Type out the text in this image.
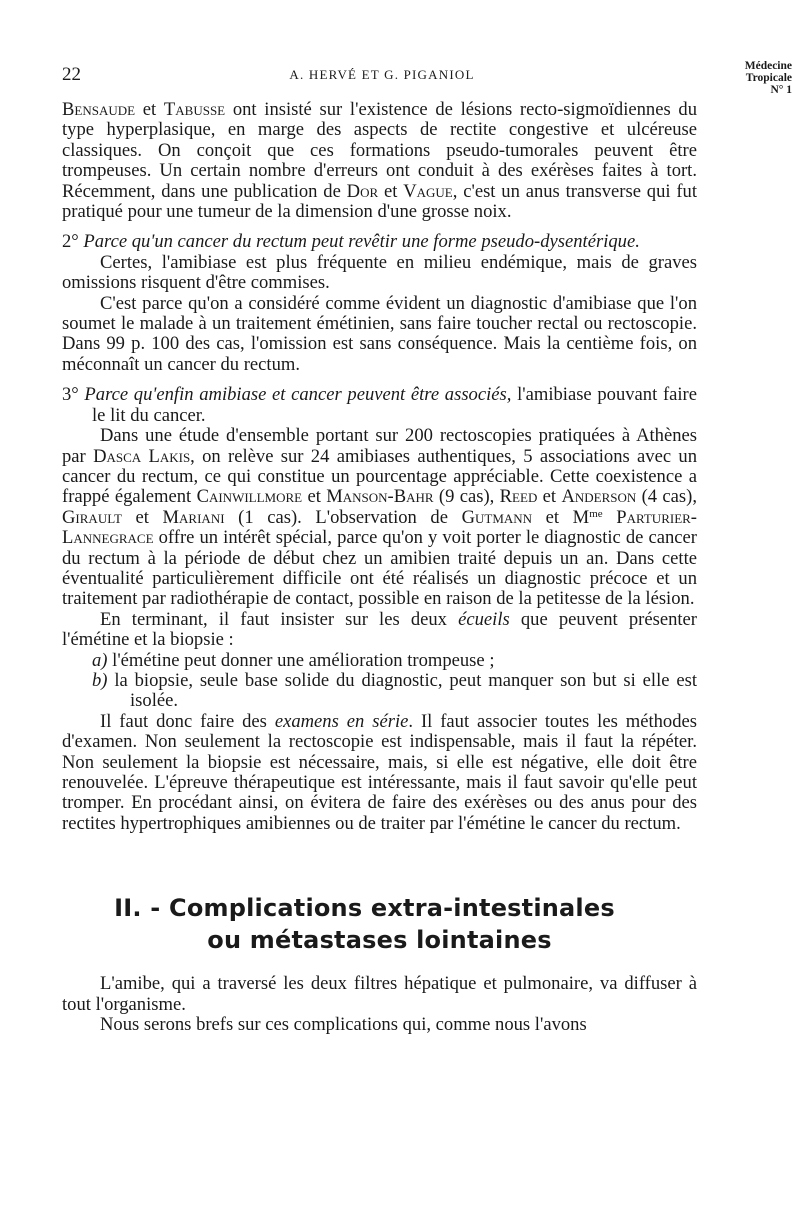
22	A. HERVÉ ET G. PIGANIOL
Médecine
Tropicale
N° 1

Bensaude et Tabusse ont insisté sur l'existence de lésions recto-sigmoïdiennes du type hyperplasique, en marge des aspects de rectite congestive et ulcéreuse classiques. On conçoit que ces formations pseudo-tumorales peuvent être trompeuses. Un certain nombre d'erreurs ont conduit à des exérèses faites à tort. Récemment, dans une publication de Dor et Vague, c'est un anus transverse qui fut pratiqué pour une tumeur de la dimension d'une grosse noix.

2° Parce qu'un cancer du rectum peut revêtir une forme pseudo-dysentérique.

Certes, l'amibiase est plus fréquente en milieu endémique, mais de graves omissions risquent d'être commises.

C'est parce qu'on a considéré comme évident un diagnostic d'amibiase que l'on soumet le malade à un traitement émétinien, sans faire toucher rectal ou rectoscopie. Dans 99 p. 100 des cas, l'omission est sans conséquence. Mais la centième fois, on méconnaît un cancer du rectum.

3° Parce qu'enfin amibiase et cancer peuvent être associés, l'amibiase pouvant faire le lit du cancer.

Dans une étude d'ensemble portant sur 200 rectoscopies pratiquées à Athènes par Dasca Lakis, on relève sur 24 amibiases authentiques, 5 associations avec un cancer du rectum, ce qui constitue un pourcentage appréciable. Cette coexistence a frappé également Cainwillmore et Manson-Bahr (9 cas), Reed et Anderson (4 cas), Girault et Mariani (1 cas). L'observation de Gutmann et $M^{me}$ Parturier-Lannegrace offre un intérêt spécial, parce qu'on y voit porter le diagnostic de cancer du rectum à la période de début chez un amibien traité depuis un an. Dans cette éventualité particulièrement difficile ont été réalisés un diagnostic précoce et un traitement par radiothérapie de contact, possible en raison de la petitesse de la lésion.

En terminant, il faut insister sur les deux écueils que peuvent présenter l'émétine et la biopsie :

a) l'émétine peut donner une amélioration trompeuse ;

b) la biopsie, seule base solide du diagnostic, peut manquer son but si elle est isolée.

Il faut donc faire des examens en série. Il faut associer toutes les méthodes d'examen. Non seulement la rectoscopie est indispensable, mais il faut la répéter. Non seulement la biopsie est nécessaire, mais, si elle est négative, elle doit être renouvelée. L'épreuve thérapeutique est intéressante, mais il faut savoir qu'elle peut tromper. En procédant ainsi, on évitera de faire des exérèses ou des anus pour des rectites hypertrophiques amibiennes ou de traiter par l'émétine le cancer du rectum.

II. - Complications extra-intestinales
ou métastases lointaines

L'amibe, qui a traversé les deux filtres hépatique et pulmonaire, va diffuser à tout l'organisme.

Nous serons brefs sur ces complications qui, comme nous l'avons
